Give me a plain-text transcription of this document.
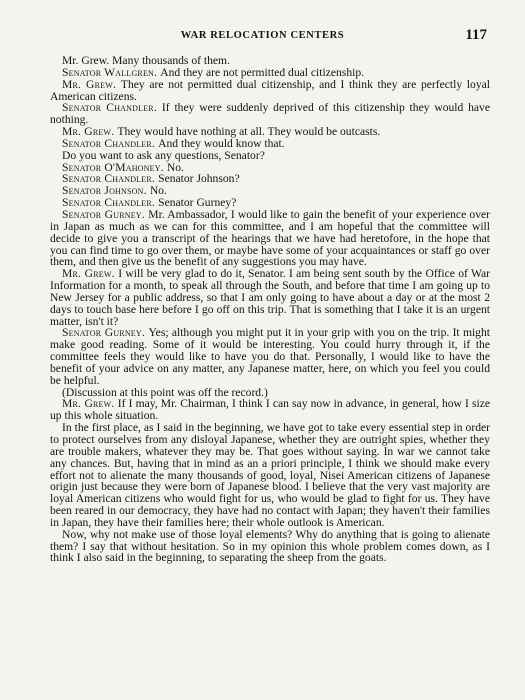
WAR RELOCATION CENTERS	117

Mr. Grew. Many thousands of them.

Senator Wallgren . And they are not permitted dual citizenship.

Mr. Grew . They are not permitted dual citizenship, and I think they are perfectly loyal American citizens.

Senator Chandler . If they were suddenly deprived of this citizenship they would have nothing.

Mr. Grew . They would have nothing at all. They would be outcasts.

Senator Chandler . And they would know that.

Do you want to ask any questions, Senator?

Senator O'Mahoney . No.

Senator Chandler . Senator Johnson?

Senator Johnson . No.

Senator Chandler . Senator Gurney?

Senator Gurney . Mr. Ambassador, I would like to gain the benefit of your experience over in Japan as much as we can for this committee, and I am hopeful that the committee will decide to give you a transcript of the hearings that we have had heretofore, in the hope that you can find time to go over them, or maybe have some of your acquaintances or staff go over them, and then give us the benefit of any suggestions you may have.

Mr. Grew . I will be very glad to do it, Senator. I am being sent south by the Office of War Information for a month, to speak all through the South, and before that time I am going up to New Jersey for a public address, so that I am only going to have about a day or at the most 2 days to touch base here before I go off on this trip. That is something that I take it is an urgent matter, isn't it?

Senator Gurney . Yes; although you might put it in your grip with you on the trip. It might make good reading. Some of it would be interesting. You could hurry through it, if the committee feels they would like to have you do that. Personally, I would like to have the benefit of your advice on any matter, any Japanese matter, here, on which you feel you could be helpful.

(Discussion at this point was off the record.)

Mr. Grew . If I may, Mr. Chairman, I think I can say now in advance, in general, how I size up this whole situation.

In the first place, as I said in the beginning, we have got to take every essential step in order to protect ourselves from any disloyal Japanese, whether they are outright spies, whether they are trouble makers, whatever they may be. That goes without saying. In war we cannot take any chances. But, having that in mind as an a priori principle, I think we should make every effort not to alienate the many thousands of good, loyal, Nisei American citizens of Japanese origin just because they were born of Japanese blood. I believe that the very vast majority are loyal American citizens who would fight for us, who would be glad to fight for us. They have been reared in our democracy, they have had no contact with Japan; they haven't their families in Japan, they have their families here; their whole outlook is American.

Now, why not make use of those loyal elements? Why do anything that is going to alienate them? I say that without hesitation. So in my opinion this whole problem comes down, as I think I also said in the beginning, to separating the sheep from the goats.
